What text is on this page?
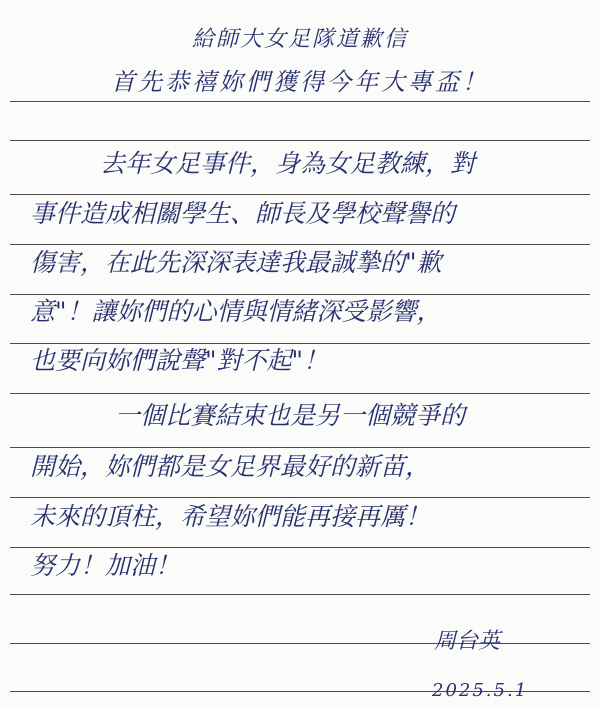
給師大女足隊道歉信
首先恭禧妳們獲得今年大專盃！
去年女足事件，身為女足教練，對
事件造成相關學生、師長及學校聲譽的
傷害，在此先深深表達我最誠摯的"歉
意"！讓妳們的心情與情緒深受影響，
也要向妳們說聲"對不起"！
一個比賽結束也是另一個競爭的
開始，妳們都是女足界最好的新苗，
未來的頂柱，希望妳們能再接再厲！
努力！加油！
周台英
2025.5.1
